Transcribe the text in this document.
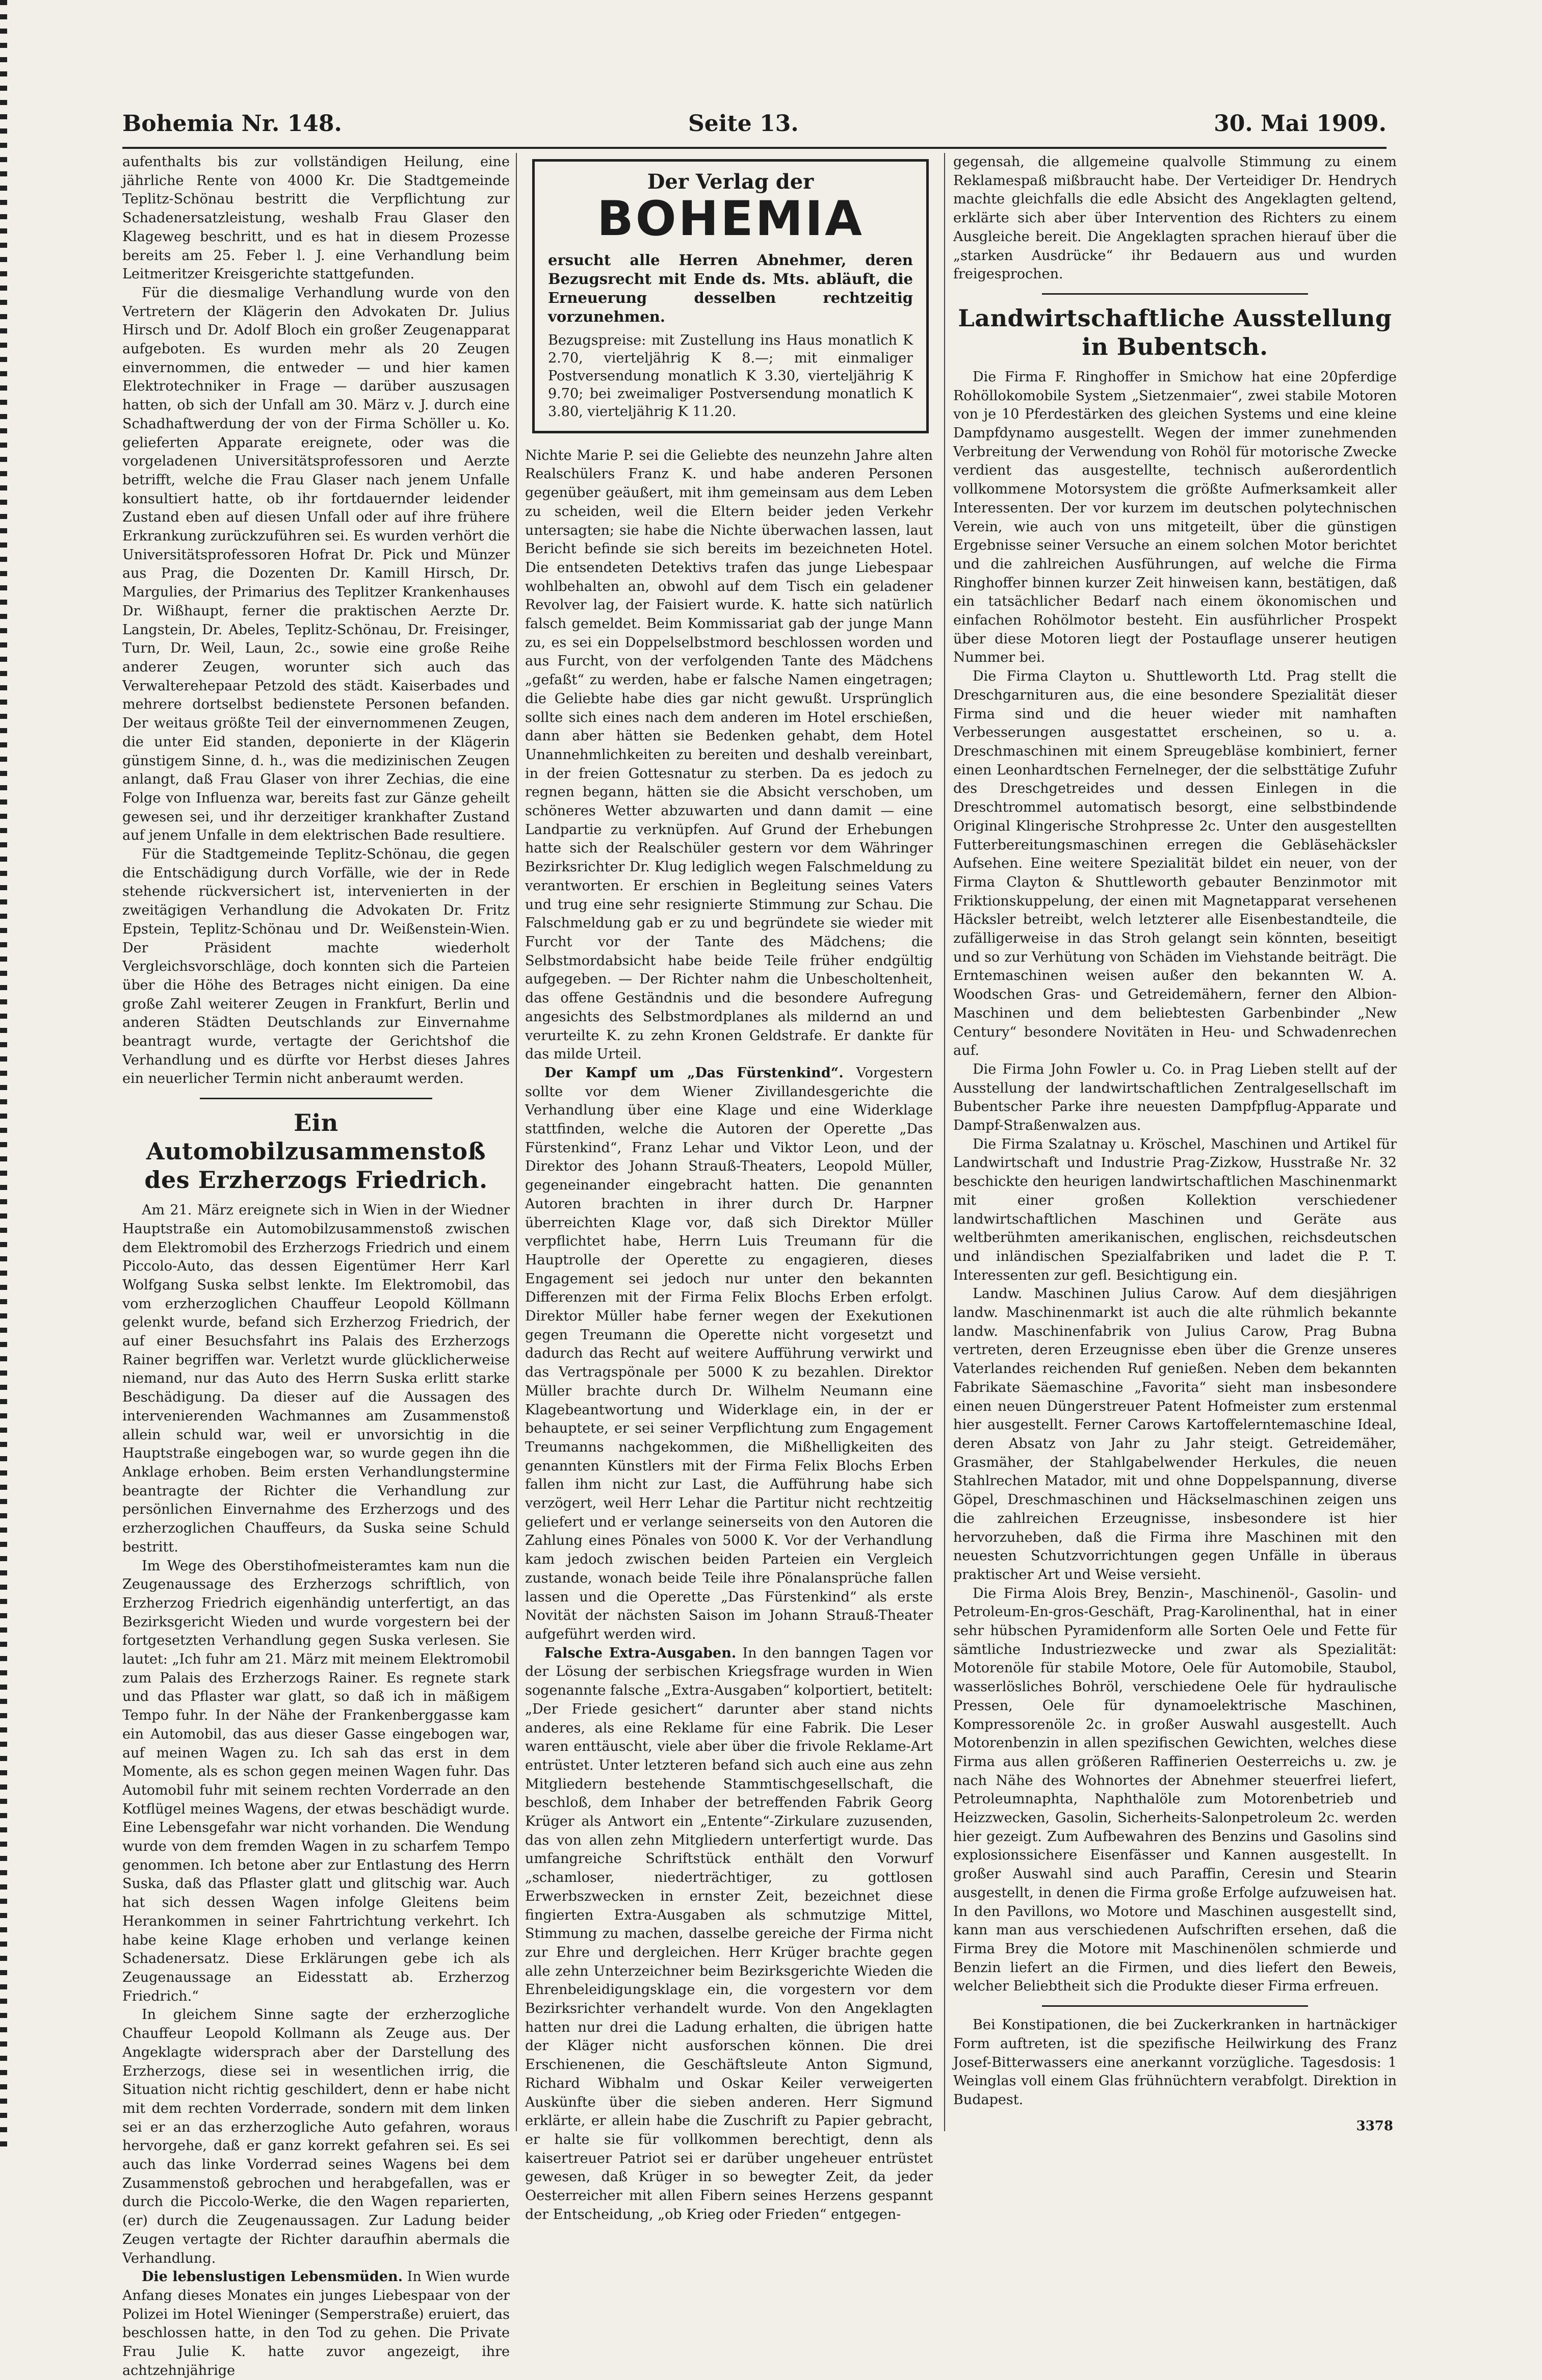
Bohemia Nr. 148.	Seite 13.	30. Mai 1909.

aufenthalts bis zur vollständigen Heilung, eine jährliche Rente von 4000 Kr. Die Stadtgemeinde Teplitz-Schönau bestritt die Verpflichtung zur Schadenersatzleistung, weshalb Frau Glaser den Klageweg beschritt, und es hat in diesem Prozesse bereits am 25. Feber l. J. eine Verhandlung beim Leitmeritzer Kreisgerichte stattgefunden.

Für die diesmalige Verhandlung wurde von den Vertretern der Klägerin den Advokaten Dr. Julius Hirsch und Dr. Adolf Bloch ein großer Zeugenapparat aufgeboten. Es wurden mehr als 20 Zeugen einvernommen, die entweder — und hier kamen Elektrotechniker in Frage — darüber auszusagen hatten, ob sich der Unfall am 30. März v. J. durch eine Schadhaftwerdung der von der Firma Schöller u. Ko. gelieferten Apparate ereignete, oder was die vorgeladenen Universitätsprofessoren und Aerzte betrifft, welche die Frau Glaser nach jenem Unfalle konsultiert hatte, ob ihr fortdauernder leidender Zustand eben auf diesen Unfall oder auf ihre frühere Erkrankung zurückzuführen sei. Es wurden verhört die Universitätsprofessoren Hofrat Dr. Pick und Münzer aus Prag, die Dozenten Dr. Kamill Hirsch, Dr. Margulies, der Primarius des Teplitzer Krankenhauses Dr. Wißhaupt, ferner die praktischen Aerzte Dr. Langstein, Dr. Abeles, Teplitz-Schönau, Dr. Freisinger, Turn, Dr. Weil, Laun, 2c., sowie eine große Reihe anderer Zeugen, worunter sich auch das Verwalterehepaar Petzold des städt. Kaiserbades und mehrere dortselbst bedienstete Personen befanden. Der weitaus größte Teil der einvernommenen Zeugen, die unter Eid standen, deponierte in der Klägerin günstigem Sinne, d. h., was die medizinischen Zeugen anlangt, daß Frau Glaser von ihrer Zechias, die eine Folge von Influenza war, bereits fast zur Gänze geheilt gewesen sei, und ihr derzeitiger krankhafter Zustand auf jenem Unfalle in dem elektrischen Bade resultiere.

Für die Stadtgemeinde Teplitz-Schönau, die gegen die Entschädigung durch Vorfälle, wie der in Rede stehende rückversichert ist, intervenierten in der zweitägigen Verhandlung die Advokaten Dr. Fritz Epstein, Teplitz-Schönau und Dr. Weißenstein-Wien. Der Präsident machte wiederholt Vergleichsvorschläge, doch konnten sich die Parteien über die Höhe des Betrages nicht einigen. Da eine große Zahl weiterer Zeugen in Frankfurt, Berlin und anderen Städten Deutschlands zur Einvernahme beantragt wurde, vertagte der Gerichtshof die Verhandlung und es dürfte vor Herbst dieses Jahres ein neuerlicher Termin nicht anberaumt werden.

Ein Automobilzusammenstoß
des Erzherzogs Friedrich.

Am 21. März ereignete sich in Wien in der Wiedner Hauptstraße ein Automobilzusammenstoß zwischen dem Elektromobil des Erzherzogs Friedrich und einem Piccolo-Auto, das dessen Eigentümer Herr Karl Wolfgang Suska selbst lenkte. Im Elektromobil, das vom erzherzoglichen Chauffeur Leopold Köllmann gelenkt wurde, befand sich Erzherzog Friedrich, der auf einer Besuchsfahrt ins Palais des Erzherzogs Rainer begriffen war. Verletzt wurde glücklicherweise niemand, nur das Auto des Herrn Suska erlitt starke Beschädigung. Da dieser auf die Aussagen des intervenierenden Wachmannes am Zusammenstoß allein schuld war, weil er unvorsichtig in die Hauptstraße eingebogen war, so wurde gegen ihn die Anklage erhoben. Beim ersten Verhandlungstermine beantragte der Richter die Verhandlung zur persönlichen Einvernahme des Erzherzogs und des erzherzoglichen Chauffeurs, da Suska seine Schuld bestritt.

Im Wege des Oberstihofmeisteramtes kam nun die Zeugenaussage des Erzherzogs schriftlich, von Erzherzog Friedrich eigenhändig unterfertigt, an das Bezirksgericht Wieden und wurde vorgestern bei der fortgesetzten Verhandlung gegen Suska verlesen. Sie lautet: „Ich fuhr am 21. März mit meinem Elektromobil zum Palais des Erzherzogs Rainer. Es regnete stark und das Pflaster war glatt, so daß ich in mäßigem Tempo fuhr. In der Nähe der Frankenberggasse kam ein Automobil, das aus dieser Gasse eingebogen war, auf meinen Wagen zu. Ich sah das erst in dem Momente, als es schon gegen meinen Wagen fuhr. Das Automobil fuhr mit seinem rechten Vorderrade an den Kotflügel meines Wagens, der etwas beschädigt wurde. Eine Lebensgefahr war nicht vorhanden. Die Wendung wurde von dem fremden Wagen in zu scharfem Tempo genommen. Ich betone aber zur Entlastung des Herrn Suska, daß das Pflaster glatt und glitschig war. Auch hat sich dessen Wagen infolge Gleitens beim Herankommen in seiner Fahrtrichtung verkehrt. Ich habe keine Klage erhoben und verlange keinen Schadenersatz. Diese Erklärungen gebe ich als Zeugenaussage an Eidesstatt ab. Erzherzog Friedrich.“

In gleichem Sinne sagte der erzherzogliche Chauffeur Leopold Kollmann als Zeuge aus. Der Angeklagte widersprach aber der Darstellung des Erzherzogs, diese sei in wesentlichen irrig, die Situation nicht richtig geschildert, denn er habe nicht mit dem rechten Vorderrade, sondern mit dem linken sei er an das erzherzogliche Auto gefahren, woraus hervorgehe, daß er ganz korrekt gefahren sei. Es sei auch das linke Vorderrad seines Wagens bei dem Zusammenstoß gebrochen und herabgefallen, was er durch die Piccolo-Werke, die den Wagen reparierten, (er) durch die Zeugenaussagen. Zur Ladung beider Zeugen vertagte der Richter daraufhin abermals die Verhandlung.

Die lebenslustigen Lebensmüden. In Wien wurde Anfang dieses Monates ein junges Liebespaar von der Polizei im Hotel Wieninger (Semperstraße) eruiert, das beschlossen hatte, in den Tod zu gehen. Die Private Frau Julie K. hatte zuvor angezeigt, ihre achtzehnjährige

Der Verlag der
BOHEMIA
ersucht alle Herren Abnehmer, deren Bezugsrecht mit Ende ds. Mts. abläuft, die Erneuerung desselben rechtzeitig vorzunehmen.
Bezugspreise: mit Zustellung ins Haus monatlich K 2.70, vierteljährig K 8.—; mit einmaliger Postversendung monatlich K 3.30, vierteljährig K 9.70; bei zweimaliger Postversendung monatlich K 3.80, vierteljährig K 11.20.

Nichte Marie P. sei die Geliebte des neunzehn Jahre alten Realschülers Franz K. und habe anderen Personen gegenüber geäußert, mit ihm gemeinsam aus dem Leben zu scheiden, weil die Eltern beider jeden Verkehr untersagten; sie habe die Nichte überwachen lassen, laut Bericht befinde sie sich bereits im bezeichneten Hotel. Die entsendeten Detektivs trafen das junge Liebespaar wohlbehalten an, obwohl auf dem Tisch ein geladener Revolver lag, der Faisiert wurde. K. hatte sich natürlich falsch gemeldet. Beim Kommissariat gab der junge Mann zu, es sei ein Doppelselbstmord beschlossen worden und aus Furcht, von der verfolgenden Tante des Mädchens „gefaßt“ zu werden, habe er falsche Namen eingetragen; die Geliebte habe dies gar nicht gewußt. Ursprünglich sollte sich eines nach dem anderen im Hotel erschießen, dann aber hätten sie Bedenken gehabt, dem Hotel Unannehmlichkeiten zu bereiten und deshalb vereinbart, in der freien Gottesnatur zu sterben. Da es jedoch zu regnen begann, hätten sie die Absicht verschoben, um schöneres Wetter abzuwarten und dann damit — eine Landpartie zu verknüpfen. Auf Grund der Erhebungen hatte sich der Realschüler gestern vor dem Währinger Bezirksrichter Dr. Klug lediglich wegen Falschmeldung zu verantworten. Er erschien in Begleitung seines Vaters und trug eine sehr resignierte Stimmung zur Schau. Die Falschmeldung gab er zu und begründete sie wieder mit Furcht vor der Tante des Mädchens; die Selbstmordabsicht habe beide Teile früher endgültig aufgegeben. — Der Richter nahm die Unbescholtenheit, das offene Geständnis und die besondere Aufregung angesichts des Selbstmordplanes als mildernd an und verurteilte K. zu zehn Kronen Geldstrafe. Er dankte für das milde Urteil.

Der Kampf um „Das Fürstenkind“. Vorgestern sollte vor dem Wiener Zivillandesgerichte die Verhandlung über eine Klage und eine Widerklage stattfinden, welche die Autoren der Operette „Das Fürstenkind“, Franz Lehar und Viktor Leon, und der Direktor des Johann Strauß-Theaters, Leopold Müller, gegeneinander eingebracht hatten. Die genannten Autoren brachten in ihrer durch Dr. Harpner überreichten Klage vor, daß sich Direktor Müller verpflichtet habe, Herrn Luis Treumann für die Hauptrolle der Operette zu engagieren, dieses Engagement sei jedoch nur unter den bekannten Differenzen mit der Firma Felix Blochs Erben erfolgt. Direktor Müller habe ferner wegen der Exekutionen gegen Treumann die Operette nicht vorgesetzt und dadurch das Recht auf weitere Aufführung verwirkt und das Vertragspönale per 5000 K zu bezahlen. Direktor Müller brachte durch Dr. Wilhelm Neumann eine Klagebeantwortung und Widerklage ein, in der er behauptete, er sei seiner Verpflichtung zum Engagement Treumanns nachgekommen, die Mißhelligkeiten des genannten Künstlers mit der Firma Felix Blochs Erben fallen ihm nicht zur Last, die Aufführung habe sich verzögert, weil Herr Lehar die Partitur nicht rechtzeitig geliefert und er verlange seinerseits von den Autoren die Zahlung eines Pönales von 5000 K. Vor der Verhandlung kam jedoch zwischen beiden Parteien ein Vergleich zustande, wonach beide Teile ihre Pönalansprüche fallen lassen und die Operette „Das Fürstenkind“ als erste Novität der nächsten Saison im Johann Strauß-Theater aufgeführt werden wird.

Falsche Extra-Ausgaben. In den banngen Tagen vor der Lösung der serbischen Kriegsfrage wurden in Wien sogenannte falsche „Extra-Ausgaben“ kolportiert, betitelt: „Der Friede gesichert“ darunter aber stand nichts anderes, als eine Reklame für eine Fabrik. Die Leser waren enttäuscht, viele aber über die frivole Reklame-Art entrüstet. Unter letzteren befand sich auch eine aus zehn Mitgliedern bestehende Stammtischgesellschaft, die beschloß, dem Inhaber der betreffenden Fabrik Georg Krüger als Antwort ein „Entente“-Zirkulare zuzusenden, das von allen zehn Mitgliedern unterfertigt wurde. Das umfangreiche Schriftstück enthält den Vorwurf „schamloser, niederträchtiger, zu gottlosen Erwerbszwecken in ernster Zeit, bezeichnet diese fingierten Extra-Ausgaben als schmutzige Mittel, Stimmung zu machen, dasselbe gereiche der Firma nicht zur Ehre und dergleichen. Herr Krüger brachte gegen alle zehn Unterzeichner beim Bezirksgerichte Wieden die Ehrenbeleidigungsklage ein, die vorgestern vor dem Bezirksrichter verhandelt wurde. Von den Angeklagten hatten nur drei die Ladung erhalten, die übrigen hatte der Kläger nicht ausforschen können. Die drei Erschienenen, die Geschäftsleute Anton Sigmund, Richard Wibhalm und Oskar Keiler verweigerten Auskünfte über die sieben anderen. Herr Sigmund erklärte, er allein habe die Zuschrift zu Papier gebracht, er halte sie für vollkommen berechtigt, denn als kaisertreuer Patriot sei er darüber ungeheuer entrüstet gewesen, daß Krüger in so bewegter Zeit, da jeder Oesterreicher mit allen Fibern seines Herzens gespannt der Entscheidung, „ob Krieg oder Frieden“ entgegen-

gegensah, die allgemeine qualvolle Stimmung zu einem Reklamespaß mißbraucht habe. Der Verteidiger Dr. Hendrych machte gleichfalls die edle Absicht des Angeklagten geltend, erklärte sich aber über Intervention des Richters zu einem Ausgleiche bereit. Die Angeklagten sprachen hierauf über die „starken Ausdrücke“ ihr Bedauern aus und wurden freigesprochen.

Landwirtschaftliche Ausstellung
in Bubentsch.

Die Firma F. Ringhoffer in Smichow hat eine 20pferdige Rohöllokomobile System „Sietzenmaier“, zwei stabile Motoren von je 10 Pferdestärken des gleichen Systems und eine kleine Dampfdynamo ausgestellt. Wegen der immer zunehmenden Verbreitung der Verwendung von Rohöl für motorische Zwecke verdient das ausgestellte, technisch außerordentlich vollkommene Motorsystem die größte Aufmerksamkeit aller Interessenten. Der vor kurzem im deutschen polytechnischen Verein, wie auch von uns mitgeteilt, über die günstigen Ergebnisse seiner Versuche an einem solchen Motor berichtet und die zahlreichen Ausführungen, auf welche die Firma Ringhoffer binnen kurzer Zeit hinweisen kann, bestätigen, daß ein tatsächlicher Bedarf nach einem ökonomischen und einfachen Rohölmotor besteht. Ein ausführlicher Prospekt über diese Motoren liegt der Postauflage unserer heutigen Nummer bei.

Die Firma Clayton u. Shuttleworth Ltd. Prag stellt die Dreschgarnituren aus, die eine besondere Spezialität dieser Firma sind und die heuer wieder mit namhaften Verbesserungen ausgestattet erscheinen, so u. a. Dreschmaschinen mit einem Spreugebläse kombiniert, ferner einen Leonhardtschen Fernelneger, der die selbsttätige Zufuhr des Dreschgetreides und dessen Einlegen in die Dreschtrommel automatisch besorgt, eine selbstbindende Original Klingerische Strohpresse 2c. Unter den ausgestellten Futterbereitungsmaschinen erregen die Gebläsehäcksler Aufsehen. Eine weitere Spezialität bildet ein neuer, von der Firma Clayton & Shuttleworth gebauter Benzinmotor mit Friktionskuppelung, der einen mit Magnetapparat versehenen Häcksler betreibt, welch letzterer alle Eisenbestandteile, die zufälligerweise in das Stroh gelangt sein könnten, beseitigt und so zur Verhütung von Schäden im Viehstande beiträgt. Die Erntemaschinen weisen außer den bekannten W. A. Woodschen Gras- und Getreidemähern, ferner den Albion-Maschinen und dem beliebtesten Garbenbinder „New Century“ besondere Novitäten in Heu- und Schwadenrechen auf.

Die Firma John Fowler u. Co. in Prag Lieben stellt auf der Ausstellung der landwirtschaftlichen Zentralgesellschaft im Bubentscher Parke ihre neuesten Dampfpflug-Apparate und Dampf-Straßenwalzen aus.

Die Firma Szalatnay u. Kröschel, Maschinen und Artikel für Landwirtschaft und Industrie Prag-Zizkow, Husstraße Nr. 32 beschickte den heurigen landwirtschaftlichen Maschinenmarkt mit einer großen Kollektion verschiedener landwirtschaftlichen Maschinen und Geräte aus weltberühmten amerikanischen, englischen, reichsdeutschen und inländischen Spezialfabriken und ladet die P. T. Interessenten zur gefl. Besichtigung ein.

Landw. Maschinen Julius Carow. Auf dem diesjährigen landw. Maschinenmarkt ist auch die alte rühmlich bekannte landw. Maschinenfabrik von Julius Carow, Prag Bubna vertreten, deren Erzeugnisse eben über die Grenze unseres Vaterlandes reichenden Ruf genießen. Neben dem bekannten Fabrikate Säemaschine „Favorita“ sieht man insbesondere einen neuen Düngerstreuer Patent Hofmeister zum erstenmal hier ausgestellt. Ferner Carows Kartoffelerntemaschine Ideal, deren Absatz von Jahr zu Jahr steigt. Getreidemäher, Grasmäher, der Stahlgabelwender Herkules, die neuen Stahlrechen Matador, mit und ohne Doppelspannung, diverse Göpel, Dreschmaschinen und Häckselmaschinen zeigen uns die zahlreichen Erzeugnisse, insbesondere ist hier hervorzuheben, daß die Firma ihre Maschinen mit den neuesten Schutzvorrichtungen gegen Unfälle in überaus praktischer Art und Weise versieht.

Die Firma Alois Brey, Benzin-, Maschinenöl-, Gasolin- und Petroleum-En-gros-Geschäft, Prag-Karolinenthal, hat in einer sehr hübschen Pyramidenform alle Sorten Oele und Fette für sämtliche Industriezwecke und zwar als Spezialität: Motorenöle für stabile Motore, Oele für Automobile, Staubol, wasserlösliches Bohröl, verschiedene Oele für hydraulische Pressen, Oele für dynamoelektrische Maschinen, Kompressorenöle 2c. in großer Auswahl ausgestellt. Auch Motorenbenzin in allen spezifischen Gewichten, welches diese Firma aus allen größeren Raffinerien Oesterreichs u. zw. je nach Nähe des Wohnortes der Abnehmer steuerfrei liefert, Petroleumnaphta, Naphthalöle zum Motorenbetrieb und Heizzwecken, Gasolin, Sicherheits-Salonpetroleum 2c. werden hier gezeigt. Zum Aufbewahren des Benzins und Gasolins sind explosionssichere Eisenfässer und Kannen ausgestellt. In großer Auswahl sind auch Paraffin, Ceresin und Stearin ausgestellt, in denen die Firma große Erfolge aufzuweisen hat. In den Pavillons, wo Motore und Maschinen ausgestellt sind, kann man aus verschiedenen Aufschriften ersehen, daß die Firma Brey die Motore mit Maschinenölen schmierde und Benzin liefert an die Firmen, und dies liefert den Beweis, welcher Beliebtheit sich die Produkte dieser Firma erfreuen.

Bei Konstipationen, die bei Zuckerkranken in hartnäckiger Form auftreten, ist die spezifische Heilwirkung des Franz Josef-Bitterwassers eine anerkannt vorzügliche. Tagesdosis: 1 Weinglas voll einem Glas frühnüchtern verabfolgt. Direktion in Budapest.

3378
